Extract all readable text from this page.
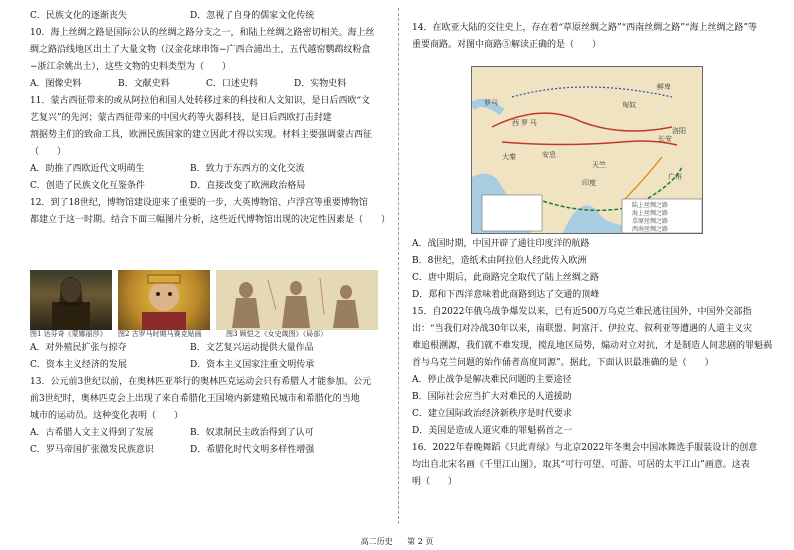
C．民族文化的逐渐丧失	D．忽视了自身的儒家文化传统
10．海上丝绸之路是国际公认的丝绸之路分支之一，和陆上丝绸之路密切相关。海上丝
绸之路沿线地区出土了大量文物（汉金花球串饰−广西合浦出土，五代越窑鹦鹉纹粉盒
−浙江余姚出土），这些文物的史料类型为（　　）
A．图像史料	B．文献史料	C．口述史料	D．实物史料
11．蒙古西征带来的或从阿拉伯和国人处转移过来的科技和人文知识，是日后西欧“文
艺复兴”的先河；蒙古西征带来的中国火药等火器科技，是日后西欧打击封建
割据势主们的致命工具，欧洲民族国家的建立因此才得以实现。材料主要强调蒙古西征
（　　）
A．助推了西欧近代文明萌生	B．致力于东西方的文化交流
C．创造了民族文化互鉴条件	D．直接改变了欧洲政治格局
12．到了18世纪，博物馆建设迎来了重要的一步，大英博物馆、卢浮宫等重要博物馆
都建立于这一时期。结合下面三幅图片分析，这些近代博物馆出现的决定性因素是（　　）
A．对外殖民扩张与掠夺	B．文艺复兴运动提供大量作品
C．资本主义经济的发展	D．资本主义国家注重文明传承
13．公元前3世纪以前，在奥林匹亚举行的奥林匹克运动会只有希腊人才能参加。公元
前3世纪时，奥林匹克会上出现了来自希腊化王国境内新建殖民城市和希腊化的当地
城市的运动员。这种变化表明（　　）
A．古希腊人文主义得到了发展	B．奴隶制民主政治得到了认可
C．罗马帝国扩张激发民族意识	D．希腊化时代文明多样性增强
图1 达芬奇《蒙娜丽莎》 图2 古罗马时期马赛克贴画	图3 顾恺之《女史箴图》（局部）
14．在欧亚大陆的交往史上，存在着“草原丝绸之路”“西南丝绸之路”“海上丝绸之路”等
重要商路。对图中商路⑤解读正确的是（　　）
A．战国时期，中国开辟了通往印度洋的航路
B．8世纪，造纸术由阿拉伯人经此传入欧洲
C．唐中期后，此商路完全取代了陆上丝绸之路
D．郑和下西洋意味着此商路到达了交通的顶峰
15．自2022年俄乌战争爆发以来，已有近500万乌克兰难民逃往国外，中国外交部指
出：“当我们对冷战30年以来，南联盟、阿富汗、伊拉克、叙利亚等遭遇的人道主义灾
难追根溯源，我们就不难发现，搅乱地区局势，煽动对立对抗，才是制造人间悲剧的罪魁祸
首与乌克兰问题的始作俑者高度同源”。据此，下面认识最准确的是（　　）
A．停止战争是解决难民问题的主要途径
B．国际社会应当扩大对难民的人道援助
C．建立国际政治经济新秩序是时代要求
D．美国是造成人道灾难的罪魁祸首之一
16．2022年春晚舞蹈《只此青绿》与北京2022年冬奥会中国冰舞选手服装设计的创意
均出自北宋名画《千里江山图》，取其“可行可望、可游、可居的太平江山”画意。这表
明（　　）
陆上丝绸之路
海上丝绸之路
草原丝绸之路
西南丝绸之路
罗马
西 罗 马
大秦	安息
印度
天竺
匈奴
鲜卑
长安
洛阳
广州
高二历史 第 2 页
